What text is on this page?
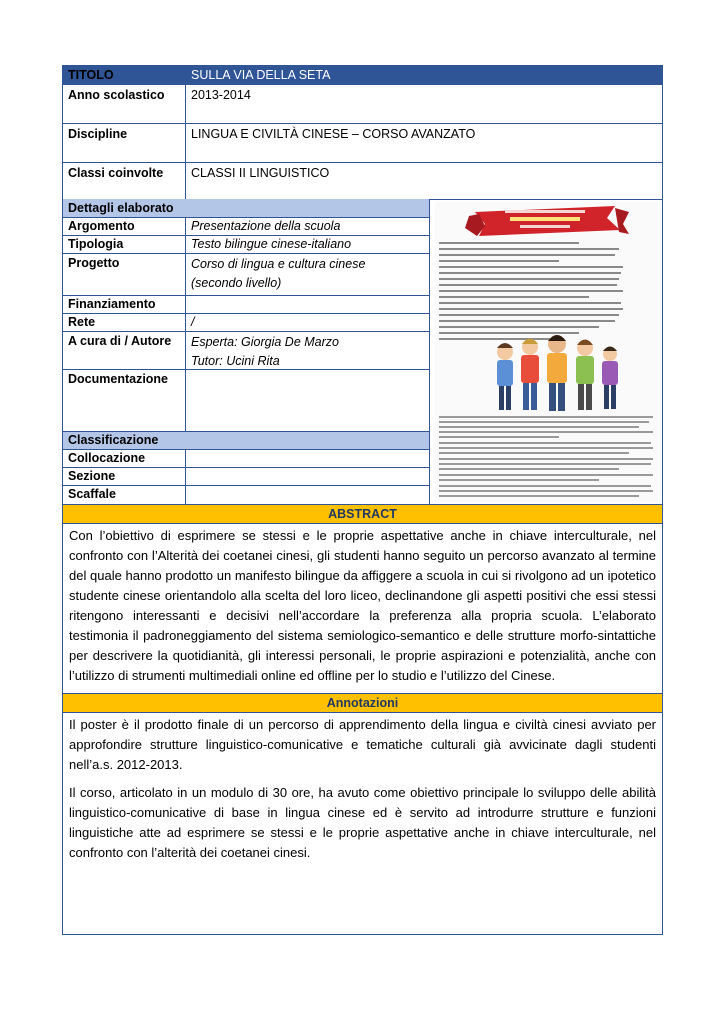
TITOLO	SULLA VIA DELLA SETA
Anno scolastico	2013-2014
Discipline	LINGUA E CIVILTÀ CINESE – CORSO AVANZATO
Classi coinvolte	CLASSI II LINGUISTICO
Dettagli elaborato
Argomento	Presentazione della scuola
Tipologia	Testo bilingue cinese-italiano
Progetto	Corso di lingua e cultura cinese (secondo livello)
Finanziamento
Rete	/
A cura di / Autore	Esperta: Giorgia De Marzo
Tutor: Ucini Rita
Documentazione
Classificazione
Collocazione
Sezione
Scaffale
ABSTRACT
Con l’obiettivo di esprimere se stessi e le proprie aspettative anche in chiave interculturale, nel confronto con l’Alterità dei coetanei cinesi, gli studenti hanno seguito un percorso avanzato al termine del quale hanno prodotto un manifesto bilingue da affiggere a scuola in cui si rivolgono ad un ipotetico studente cinese orientandolo alla scelta del loro liceo, declinandone gli aspetti positivi che essi stessi ritengono interessanti e decisivi nell’accordare la preferenza alla propria scuola. L’elaborato testimonia il padroneggiamento del sistema semiologico-semantico e delle strutture morfo-sintattiche per descrivere la quotidianità, gli interessi personali, le proprie aspirazioni e potenzialità, anche con l’utilizzo di strumenti multimediali online ed offline per lo studio e l’utilizzo del Cinese.
Annotazioni
Il poster è il prodotto finale di un percorso di apprendimento della lingua e civiltà cinesi avviato per approfondire strutture linguistico-comunicative e tematiche culturali già avvicinate dagli studenti nell’a.s. 2012-2013.
Il corso, articolato in un modulo di 30 ore, ha avuto come obiettivo principale lo sviluppo delle abilità linguistico-comunicative di base in lingua cinese ed è servito ad introdurre strutture e funzioni linguistiche atte ad esprimere se stessi e le proprie aspettative anche in chiave interculturale, nel confronto con l’alterità dei coetanei cinesi.
